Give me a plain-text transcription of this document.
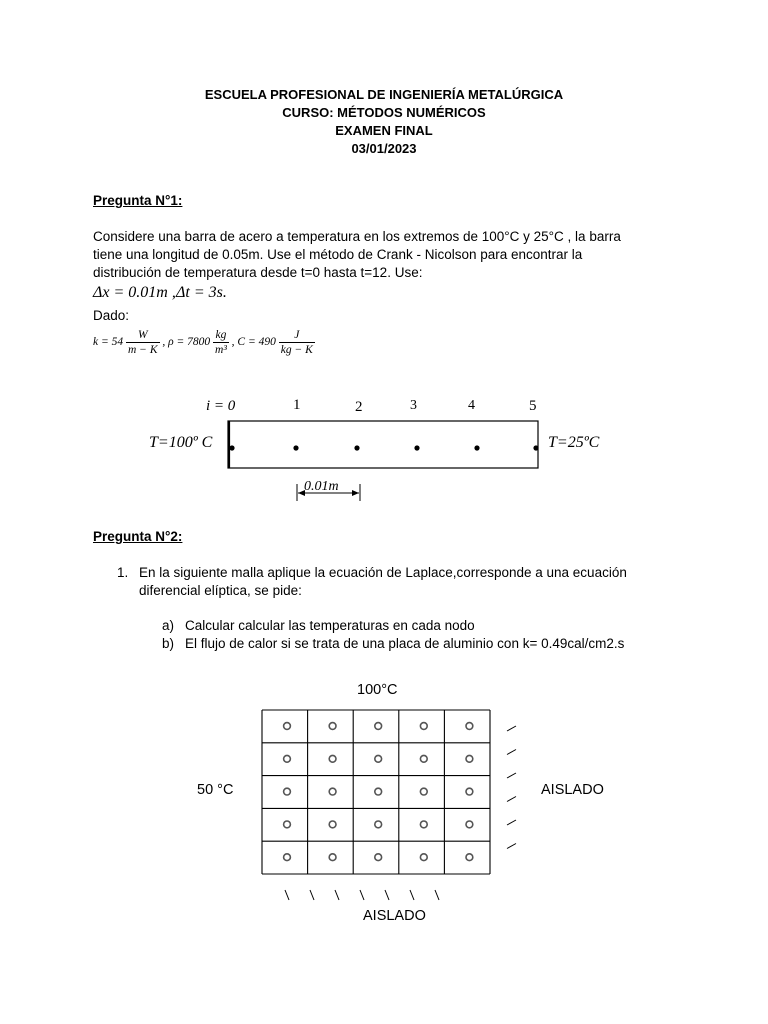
ESCUELA PROFESIONAL DE INGENIERÍA METALÚRGICA
CURSO: MÉTODOS NUMÉRICOS
EXAMEN FINAL
03/01/2023
Pregunta N°1:
Considere una barra de acero a temperatura en los extremos de 100°C y 25°C , la barra
tiene una longitud de 0.05m. Use el método de Crank - Nicolson para encontrar la
distribución de temperatura desde t=0 hasta t=12. Use:
Δx = 0.01m , Δt = 3s.
Dado:
$k = 54 \frac{W}{m - K}$ , $\rho = 7800 \frac{kg}{\text{m³}}$ , $C = 490 \frac{J}{kg - K}$
i = 0	1	2	3	4	5
T=100º C	T=25ºC
0.01m
Pregunta N°2:
1. En la siguiente malla aplique la ecuación de Laplace,corresponde a una ecuación
diferencial elíptica, se pide:
a) Calcular calcular las temperaturas en cada nodo
b) El flujo de calor si se trata de una placa de aluminio con k= 0.49cal/cm2.s
100°C
50 °C	AISLADO
AISLADO
